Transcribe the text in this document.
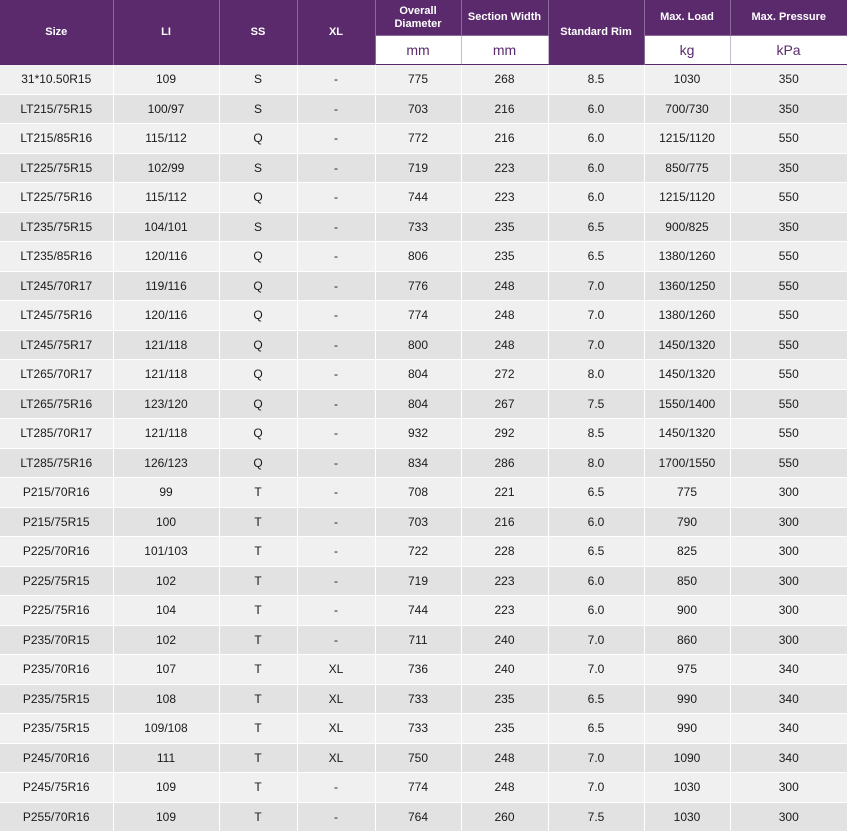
Size	LI	SS	XL	Overall Diameter	Section Width	Standard Rim	Max. Load	Max. Pressure
				mm	mm		kg	kPa
31*10.50R15	109	S	-	775	268	8.5	1030	350
LT215/75R15	100/97	S	-	703	216	6.0	700/730	350
LT215/85R16	115/112	Q	-	772	216	6.0	1215/1120	550
LT225/75R15	102/99	S	-	719	223	6.0	850/775	350
LT225/75R16	115/112	Q	-	744	223	6.0	1215/1120	550
LT235/75R15	104/101	S	-	733	235	6.5	900/825	350
LT235/85R16	120/116	Q	-	806	235	6.5	1380/1260	550
LT245/70R17	119/116	Q	-	776	248	7.0	1360/1250	550
LT245/75R16	120/116	Q	-	774	248	7.0	1380/1260	550
LT245/75R17	121/118	Q	-	800	248	7.0	1450/1320	550
LT265/70R17	121/118	Q	-	804	272	8.0	1450/1320	550
LT265/75R16	123/120	Q	-	804	267	7.5	1550/1400	550
LT285/70R17	121/118	Q	-	932	292	8.5	1450/1320	550
LT285/75R16	126/123	Q	-	834	286	8.0	1700/1550	550
P215/70R16	99	T	-	708	221	6.5	775	300
P215/75R15	100	T	-	703	216	6.0	790	300
P225/70R16	101/103	T	-	722	228	6.5	825	300
P225/75R15	102	T	-	719	223	6.0	850	300
P225/75R16	104	T	-	744	223	6.0	900	300
P235/70R15	102	T	-	711	240	7.0	860	300
P235/70R16	107	T	XL	736	240	7.0	975	340
P235/75R15	108	T	XL	733	235	6.5	990	340
P235/75R15	109/108	T	XL	733	235	6.5	990	340
P245/70R16	111	T	XL	750	248	7.0	1090	340
P245/75R16	109	T	-	774	248	7.0	1030	300
P255/70R16	109	T	-	764	260	7.5	1030	300
